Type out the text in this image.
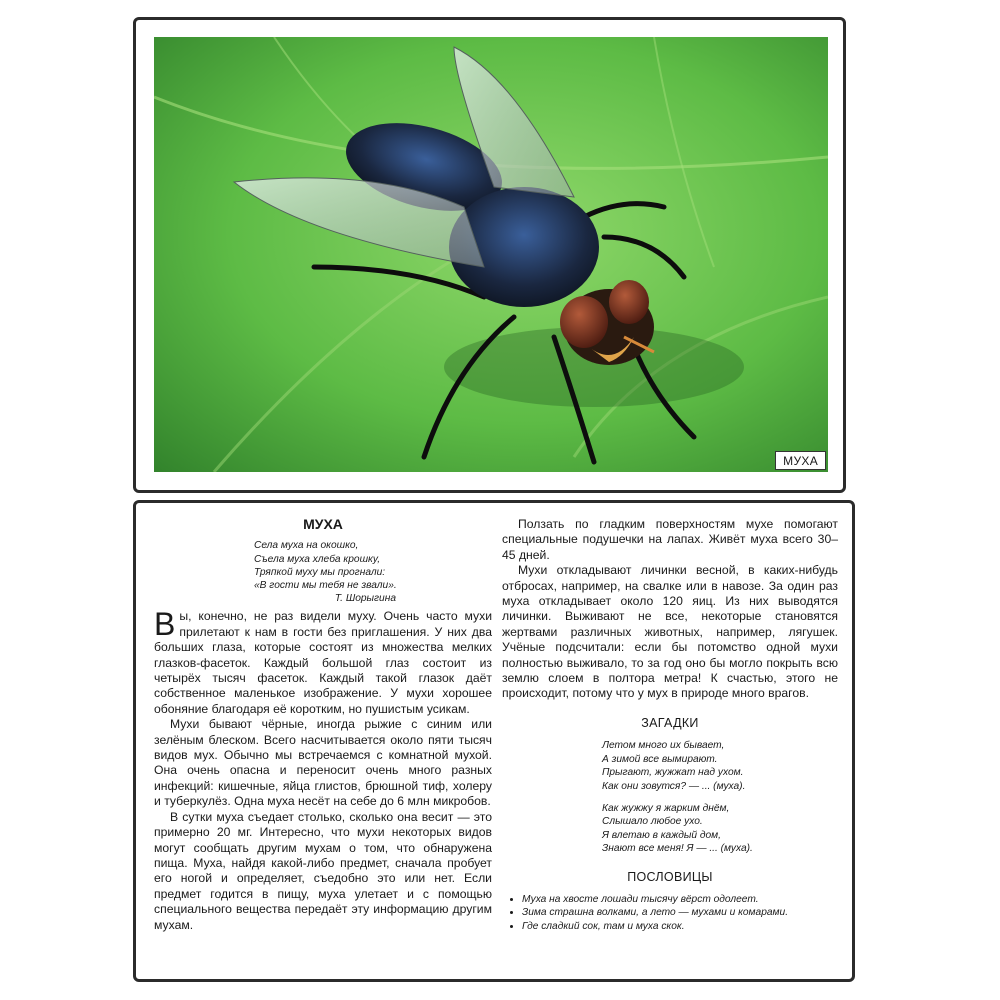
МУХА
МУХА
Села муха на окошко,
Съела муха хлеба крошку,
Тряпкой муху мы прогнали:
«В гости мы тебя не звали».
Т. Шорыгина

Вы, конечно, не раз видели муху. Очень часто мухи прилетают к нам в гости без приглашения. У них два больших глаза, которые состоят из множества мелких глазков-фасеток. Каждый большой глаз состоит из четырёх тысяч фасеток. Каждый такой глазок даёт собственное маленькое изображение. У мухи хорошее обоняние благодаря её коротким, но пушистым усикам.

Мухи бывают чёрные, иногда рыжие с синим или зелёным блеском. Всего насчитывается около пяти тысяч видов мух. Обычно мы встречаемся с комнатной мухой. Она очень опасна и переносит очень много разных инфекций: кишечные, яйца глистов, брюшной тиф, холеру и туберкулёз. Одна муха несёт на себе до 6 млн микробов.

В сутки муха съедает столько, сколько она весит — это примерно 20 мг. Интересно, что мухи некоторых видов могут сообщать другим мухам о том, что обнаружена пища. Муха, найдя какой-либо предмет, сначала пробует его ногой и определяет, съедобно это или нет. Если предмет годится в пищу, муха улетает и с помощью специального вещества передаёт эту информацию другим мухам.

Ползать по гладким поверхностям мухе помогают специальные подушечки на лапах. Живёт муха всего 30–45 дней.

Мухи откладывают личинки весной, в каких-нибудь отбросах, например, на свалке или в навозе. За один раз муха откладывает около 120 яиц. Из них выводятся личинки. Выживают не все, некоторые становятся жертвами различных животных, например, лягушек. Учёные подсчитали: если бы потомство одной мухи полностью выживало, то за год оно бы могло покрыть всю землю слоем в полтора метра! К счастью, этого не происходит, потому что у мух в природе много врагов.

ЗАГАДКИ
Летом много их бывает,
А зимой все вымирают.
Прыгают, жужжат над ухом.
Как они зовутся? — ... (муха).
Как жужжу я жарким днём,
Слышало любое ухо.
Я влетаю в каждый дом,
Знают все меня! Я — ... (муха).
ПОСЛОВИЦЫ
• Муха на хвосте лошади тысячу вёрст одолеет.
• Зима страшна волками, а лето — мухами и комарами.
• Где сладкий сок, там и муха скок.
